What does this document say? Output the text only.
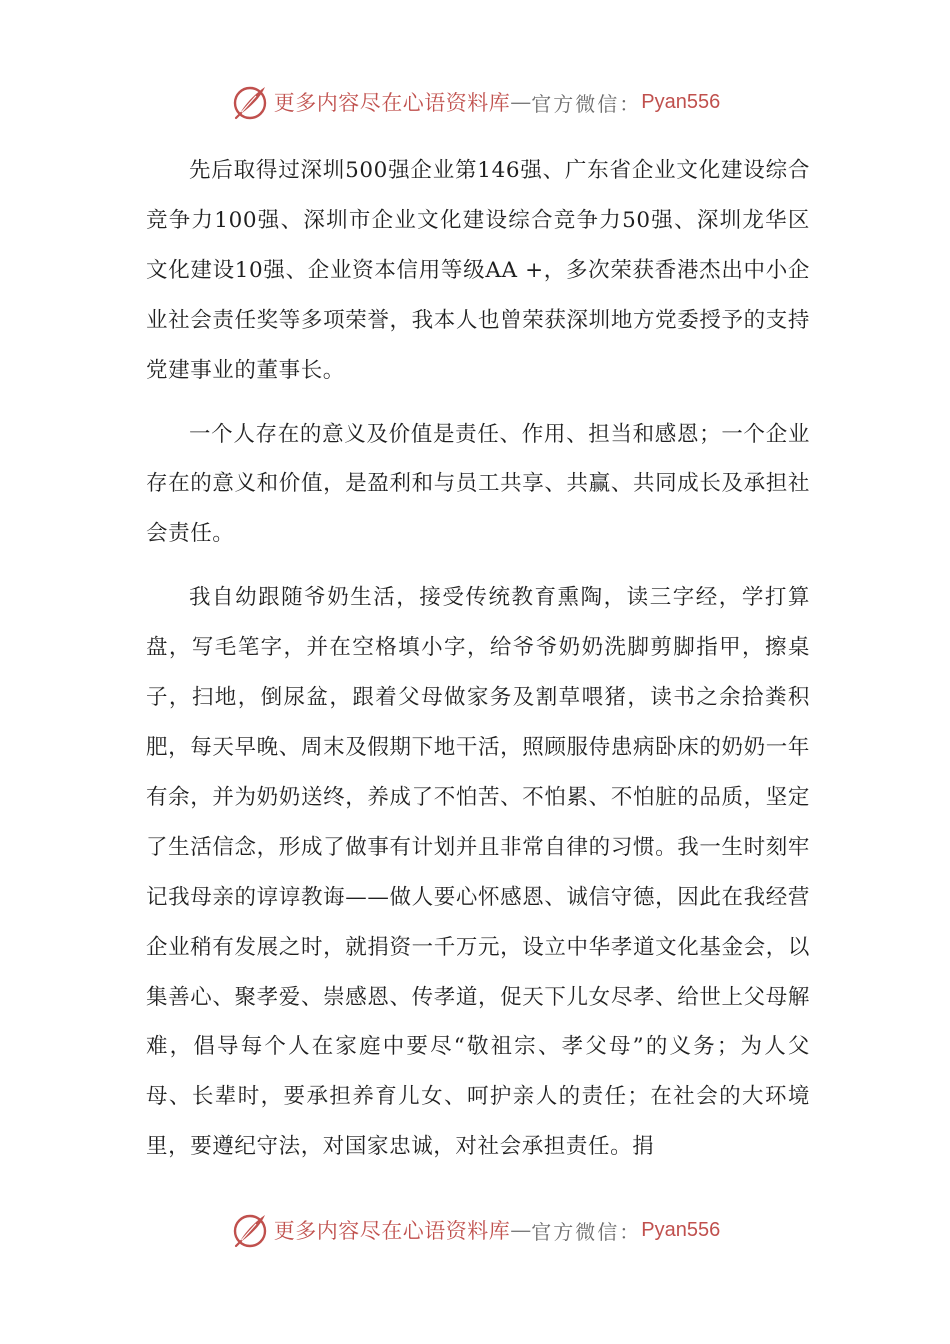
更多内容尽在心语资料库 — 官方微信： Pyan556

先后取得过深圳500强企业第146强、广东省企业文化建设综合竞争力100强、深圳市企业文化建设综合竞争力50强、深圳龙华区文化建设10强、企业资本信用等级AA +，多次荣获香港杰出中小企业社会责任奖等多项荣誉，我本人也曾荣获深圳地方党委授予的支持党建事业的董事长。

一个人存在的意义及价值是责任、作用、担当和感恩；一个企业存在的意义和价值，是盈利和与员工共享、共赢、共同成长及承担社会责任。

我自幼跟随爷奶生活，接受传统教育熏陶，读三字经，学打算盘，写毛笔字，并在空格填小字，给爷爷奶奶洗脚剪脚指甲，擦桌子，扫地，倒尿盆，跟着父母做家务及割草喂猪，读书之余拾粪积肥，每天早晚、周末及假期下地干活，照顾服侍患病卧床的奶奶一年有余，并为奶奶送终，养成了不怕苦、不怕累、不怕脏的品质，坚定了生活信念，形成了做事有计划并且非常自律的习惯。我一生时刻牢记我母亲的谆谆教诲——做人要心怀感恩、诚信守德，因此在我经营企业稍有发展之时，就捐资一千万元，设立中华孝道文化基金会，以集善心、聚孝爱、崇感恩、传孝道，促天下儿女尽孝、给世上父母解难，倡导每个人在家庭中要尽“敬祖宗、孝父母”的义务；为人父母、长辈时，要承担养育儿女、呵护亲人的责任；在社会的大环境里，要遵纪守法，对国家忠诚，对社会承担责任。捐

更多内容尽在心语资料库 — 官方微信： Pyan556
